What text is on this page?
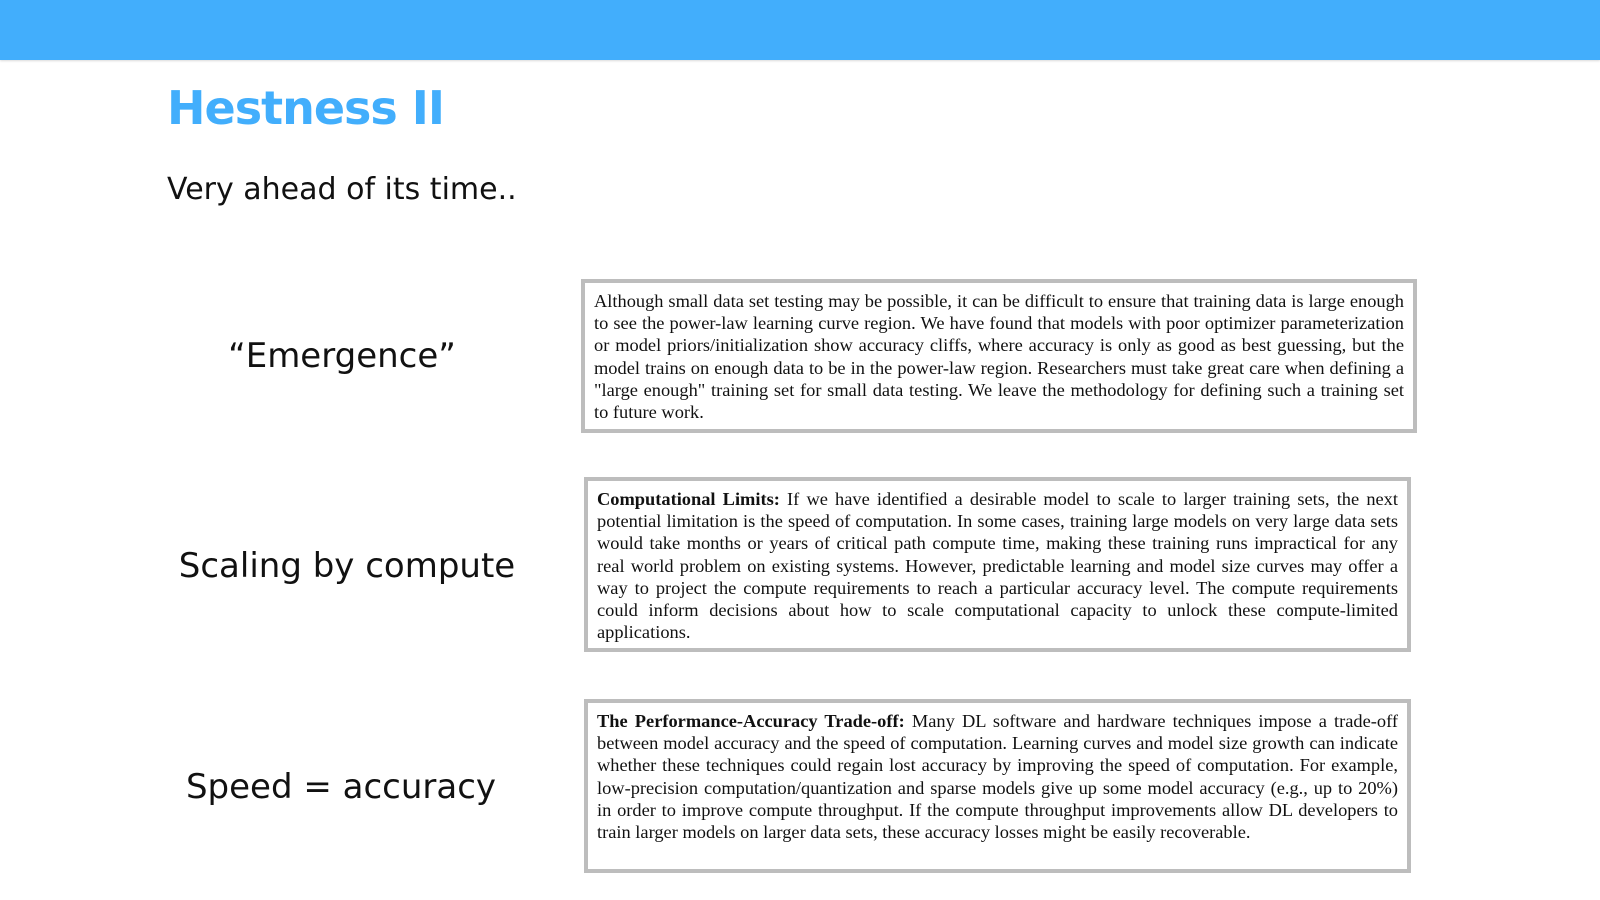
Hestness II

Very ahead of its time..

“Emergence”
Although small data set testing may be possible, it can be difficult to ensure that training data is large enough to see the power-law learning curve region. We have found that models with poor optimizer parameterization or model priors/initialization show accuracy cliffs, where accuracy is only as good as best guessing, but the model trains on enough data to be in the power-law region. Researchers must take great care when defining a "large enough" training set for small data testing. We leave the methodology for defining such a training set to future work.
Scaling by compute
Computational Limits: If we have identified a desirable model to scale to larger training sets, the next potential limitation is the speed of computation. In some cases, training large models on very large data sets would take months or years of critical path compute time, making these training runs impractical for any real world problem on existing systems. However, predictable learning and model size curves may offer a way to project the compute requirements to reach a particular accuracy level. The compute requirements could inform decisions about how to scale computational capacity to unlock these compute-limited applications.
Speed = accuracy
The Performance-Accuracy Trade-off: Many DL software and hardware techniques impose a trade-off between model accuracy and the speed of computation. Learning curves and model size growth can indicate whether these techniques could regain lost accuracy by improving the speed of computation. For example, low-precision computation/quantization and sparse models give up some model accuracy (e.g., up to 20%) in order to improve compute throughput. If the compute throughput improvements allow DL developers to train larger models on larger data sets, these accuracy losses might be easily recoverable.
